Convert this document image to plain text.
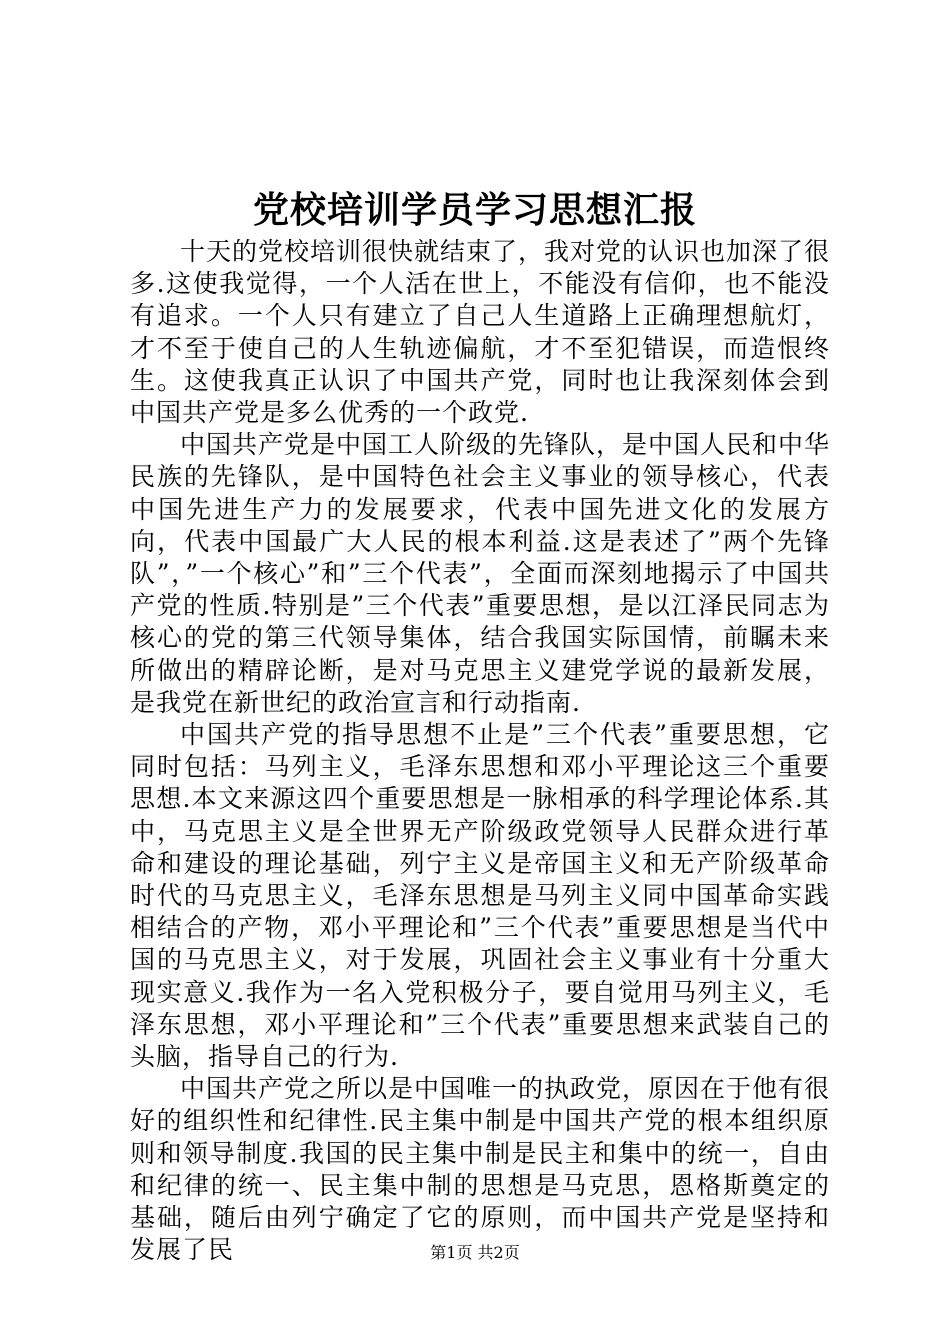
党校培训学员学习思想汇报

十天的党校培训很快就结束了，我对党的认识也加深了很多.这使我觉得，一个人活在世上，不能没有信仰，也不能没有追求。一个人只有建立了自己人生道路上正确理想航灯，才不至于使自己的人生轨迹偏航，才不至犯错误，而造恨终生。这使我真正认识了中国共产党，同时也让我深刻体会到中国共产党是多么优秀的一个政党.

中国共产党是中国工人阶级的先锋队，是中国人民和中华民族的先锋队，是中国特色社会主义事业的领导核心，代表中国先进生产力的发展要求，代表中国先进文化的发展方向，代表中国最广大人民的根本利益.这是表述了”两个先锋队”，”一个核心”和”三个代表”，全面而深刻地揭示了中国共产党的性质.特别是”三个代表”重要思想，是以江泽民同志为核心的党的第三代领导集体，结合我国实际国情，前瞩未来所做出的精辟论断，是对马克思主义建党学说的最新发展，是我党在新世纪的政治宣言和行动指南.

中国共产党的指导思想不止是”三个代表”重要思想，它同时包括：马列主义，毛泽东思想和邓小平理论这三个重要思想.本文来源这四个重要思想是一脉相承的科学理论体系.其中，马克思主义是全世界无产阶级政党领导人民群众进行革命和建设的理论基础，列宁主义是帝国主义和无产阶级革命时代的马克思主义，毛泽东思想是马列主义同中国革命实践相结合的产物，邓小平理论和”三个代表”重要思想是当代中国的马克思主义，对于发展，巩固社会主义事业有十分重大现实意义.我作为一名入党积极分子，要自觉用马列主义，毛泽东思想，邓小平理论和”三个代表”重要思想来武装自己的头脑，指导自己的行为.

中国共产党之所以是中国唯一的执政党，原因在于他有很好的组织性和纪律性.民主集中制是中国共产党的根本组织原则和领导制度.我国的民主集中制是民主和集中的统一，自由和纪律的统一、民主集中制的思想是马克思，恩格斯奠定的基础，随后由列宁确定了它的原则，而中国共产党是坚持和发展了民	第1页 共2页
